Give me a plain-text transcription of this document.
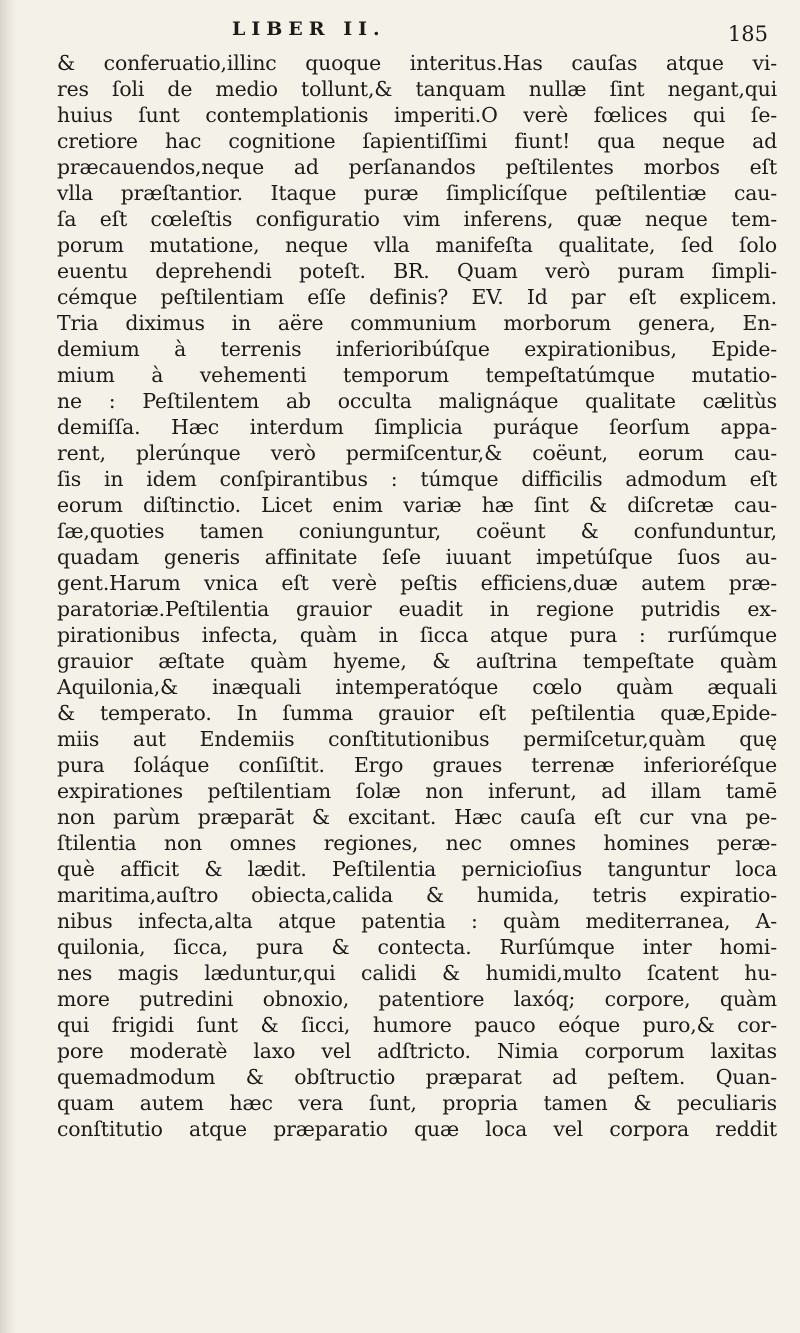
LIBER II.	185
& conferuatio,illinc quoque interitus.Has cauſas atque vi-
res ſoli de medio tollunt,& tanquam nullæ ſint negant,qui
huius ſunt contemplationis imperiti.O verè fœlices qui ſe-
cretiore hac cognitione ſapientiſſimi fiunt! qua neque ad
præcauendos,neque ad perſanandos peſtilentes morbos eſt
vlla præſtantior. Itaque puræ ſimplicíſque peſtilentiæ cau-
ſa eſt cœleſtis configuratio vim inferens, quæ neque tem-
porum mutatione, neque vlla manifeſta qualitate, ſed ſolo
euentu deprehendi poteſt. BR. Quam verò puram ſimpli-
cémque peſtilentiam eſſe definis? EV. Id par eſt explicem.
Tria diximus in aëre communium morborum genera, En-
demium à terrenis inferioribúſque expirationibus, Epide-
mium à vehementi temporum tempeſtatúmque mutatio-
ne : Peſtilentem ab occulta malignáque qualitate cælitùs
demiſſa. Hæc interdum ſimplicia puráque ſeorſum appa-
rent, plerúnque verò permiſcentur,& coëunt, eorum cau-
ſis in idem conſpirantibus : túmque difficilis admodum eſt
eorum diſtinctio. Licet enim variæ hæ ſint & diſcretæ cau-
ſæ,quoties tamen coniunguntur, coëunt & confunduntur,
quadam generis affinitate ſeſe iuuant impetúſque ſuos au-
gent.Harum vnica eſt verè peſtis efficiens,duæ autem præ-
paratoriæ.Peſtilentia grauior euadit in regione putridis ex-
pirationibus infecta, quàm in ſicca atque pura : rurſúmque
grauior æſtate quàm hyeme, & auſtrina tempeſtate quàm
Aquilonia,& inæquali intemperatóque cœlo quàm æquali
& temperato. In ſumma grauior eſt peſtilentia quæ,Epide-
miis aut Endemiis conſtitutionibus permiſcetur,quàm quę
pura ſoláque conſiſtit. Ergo graues terrenæ inferioréſque
expirationes peſtilentiam ſolæ non inferunt, ad illam tamē
non parùm præparāt & excitant. Hæc cauſa eſt cur vna pe-
ſtilentia non omnes regiones, nec omnes homines peræ-
què afficit & lædit. Peſtilentia pernicioſius tanguntur loca
maritima,auſtro obiecta,calida & humida, tetris expiratio-
nibus infecta,alta atque patentia : quàm mediterranea, A-
quilonia, ſicca, pura & contecta. Rurſúmque inter homi-
nes magis læduntur,qui calidi & humidi,multo ſcatent hu-
more putredini obnoxio, patentiore laxóq; corpore, quàm
qui frigidi ſunt & ſicci, humore pauco eóque puro,& cor-
pore moderatè laxo vel adſtricto. Nimia corporum laxitas
quemadmodum & obſtructio præparat ad peſtem. Quan-
quam autem hæc vera ſunt, propria tamen & peculiaris
conſtitutio atque præparatio quæ loca vel corpora reddit
